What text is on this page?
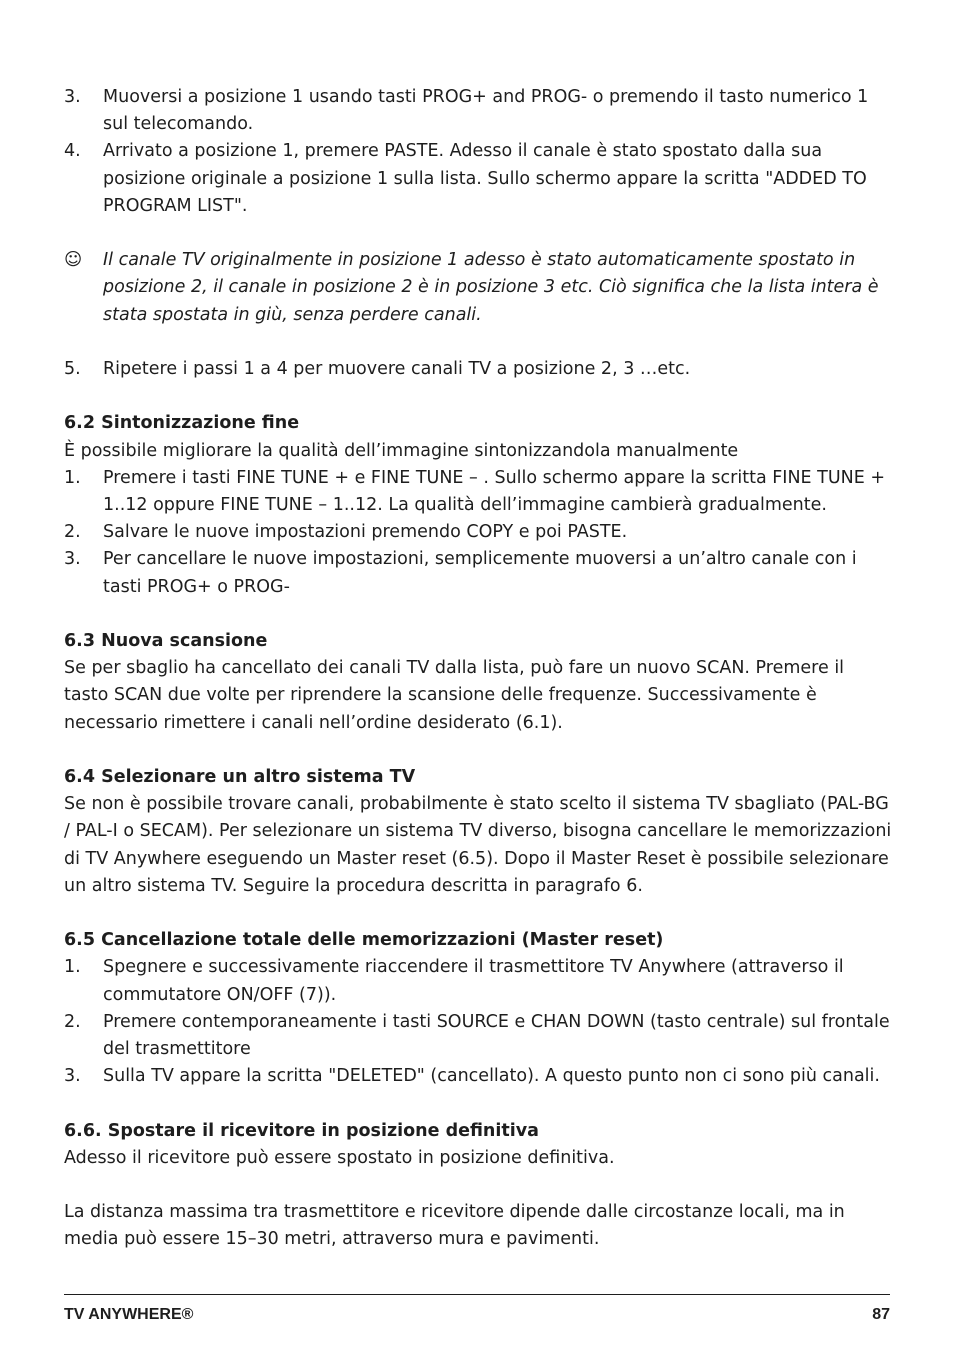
3. Muoversi a posizione 1 usando tasti PROG+ and PROG- o premendo il tasto numerico 1 sul telecomando.

4. Arrivato a posizione 1, premere PASTE. Adesso il canale è stato spostato dalla sua posizione originale a posizione 1 sulla lista. Sullo schermo appare la scritta "ADDED TO PROGRAM LIST".

☺ Il canale TV originalmente in posizione 1 adesso è stato automaticamente spostato in posizione 2, il canale in posizione 2 è in posizione 3 etc. Ciò significa che la lista intera è stata spostata in giù, senza perdere canali.

5. Ripetere i passi 1 a 4 per muovere canali TV a posizione 2, 3 …etc.

6.2 Sintonizzazione fine

È possibile migliorare la qualità dell’immagine sintonizzandola manualmente

1. Premere i tasti FINE TUNE + e FINE TUNE – . Sullo schermo appare la scritta FINE TUNE + 1..12 oppure FINE TUNE – 1..12. La qualità dell’immagine cambierà gradualmente.

2. Salvare le nuove impostazioni premendo COPY e poi PASTE.

3. Per cancellare le nuove impostazioni, semplicemente muoversi a un’altro canale con i tasti PROG+ o PROG-

6.3 Nuova scansione

Se per sbaglio ha cancellato dei canali TV dalla lista, può fare un nuovo SCAN. Premere il tasto SCAN due volte per riprendere la scansione delle frequenze. Successivamente è necessario rimettere i canali nell’ordine desiderato (6.1).

6.4 Selezionare un altro sistema TV

Se non è possibile trovare canali, probabilmente è stato scelto il sistema TV sbagliato (PAL-BG / PAL-I o SECAM). Per selezionare un sistema TV diverso, bisogna cancellare le memorizzazioni di TV Anywhere eseguendo un Master reset (6.5). Dopo il Master Reset è possibile selezionare un altro sistema TV. Seguire la procedura descritta in paragrafo 6.

6.5 Cancellazione totale delle memorizzazioni (Master reset)

1. Spegnere e successivamente riaccendere il trasmettitore TV Anywhere (attraverso il commutatore ON/OFF (7)).

2. Premere contemporaneamente i tasti SOURCE e CHAN DOWN (tasto centrale) sul frontale del trasmettitore

3. Sulla TV appare la scritta "DELETED" (cancellato). A questo punto non ci sono più canali.

6.6. Spostare il ricevitore in posizione definitiva

Adesso il ricevitore può essere spostato in posizione definitiva.

La distanza massima tra trasmettitore e ricevitore dipende dalle circostanze locali, ma in media può essere 15–30 metri, attraverso mura e pavimenti.

TV ANYWHERE®	87
